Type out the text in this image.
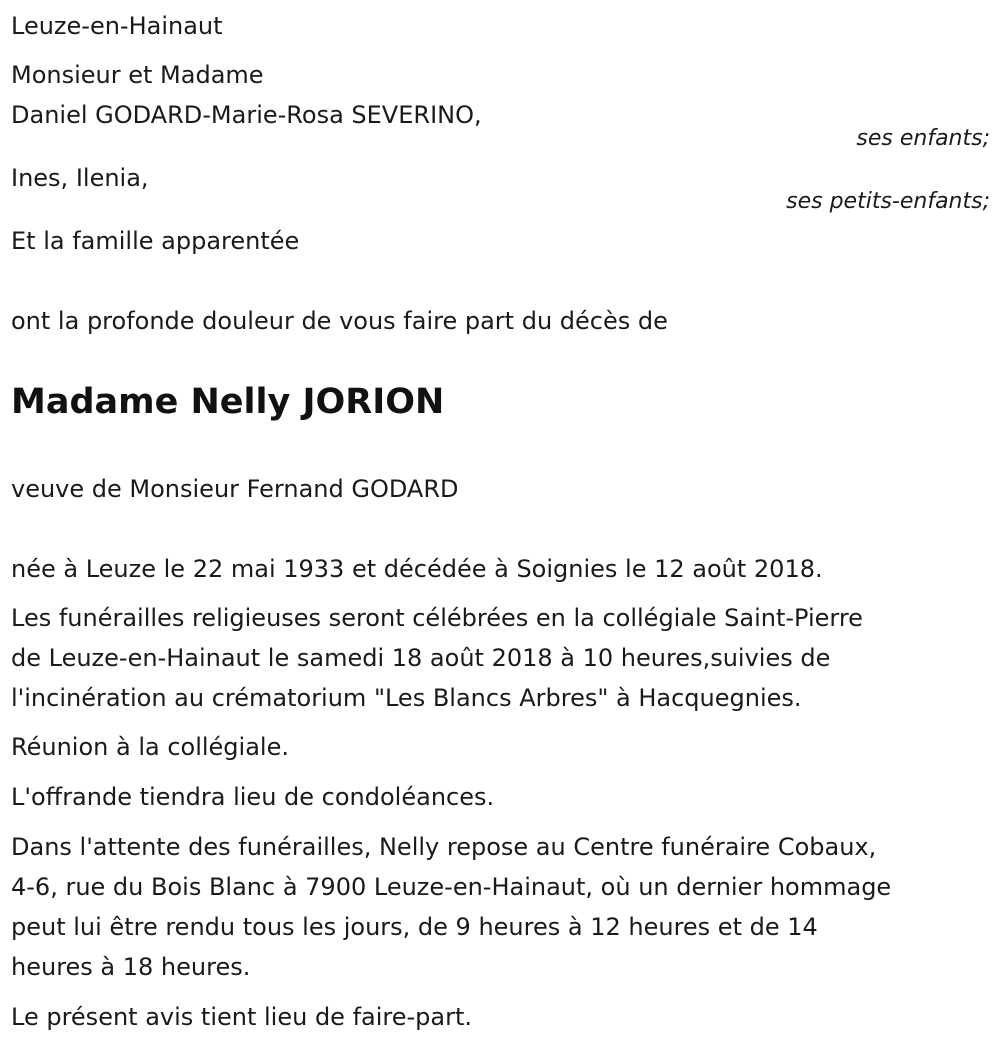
Leuze-en-Hainaut
Monsieur et Madame
Daniel GODARD-Marie-Rosa SEVERINO,
ses enfants;
Ines, Ilenia,
ses petits-enfants;
Et la famille apparentée
ont la profonde douleur de vous faire part du décès de
Madame Nelly JORION
veuve de Monsieur Fernand GODARD
née à Leuze le 22 mai 1933 et décédée à Soignies le 12 août 2018.
Les funérailles religieuses seront célébrées en la collégiale Saint-Pierre
de Leuze-en-Hainaut le samedi 18 août 2018 à 10 heures,suivies de
l'incinération au crématorium "Les Blancs Arbres" à Hacquegnies.
Réunion à la collégiale.
L'offrande tiendra lieu de condoléances.
Dans l'attente des funérailles, Nelly repose au Centre funéraire Cobaux,
4-6, rue du Bois Blanc à 7900 Leuze-en-Hainaut, où un dernier hommage
peut lui être rendu tous les jours, de 9 heures à 12 heures et de 14
heures à 18 heures.
Le présent avis tient lieu de faire-part.
